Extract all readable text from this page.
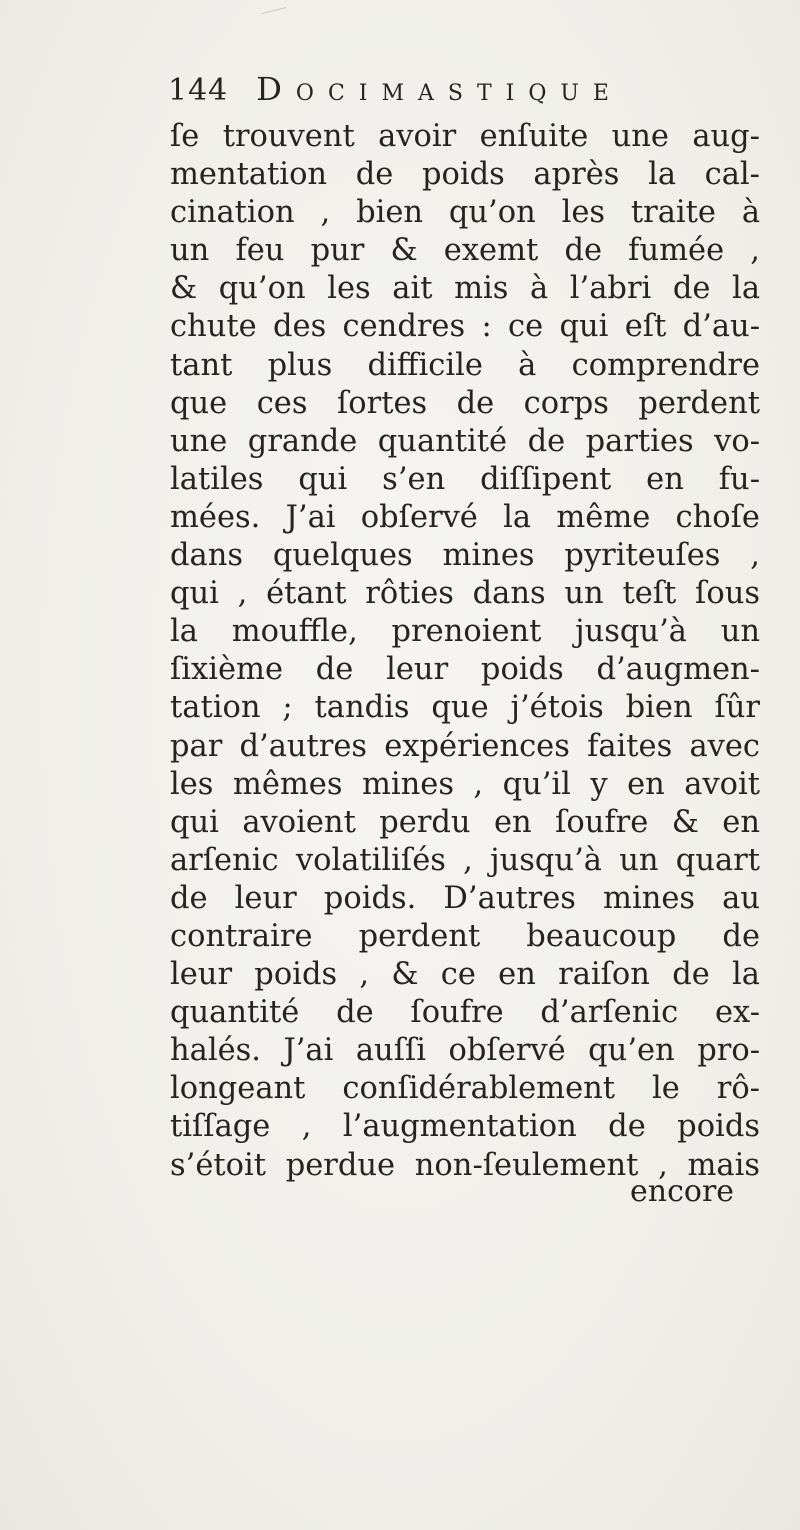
144 Docimastique
ſe trouvent avoir enſuite une aug-
mentation de poids après la cal-
cination , bien qu’on les traite à
un feu pur & exemt de fumée ,
& qu’on les ait mis à l’abri de la
chute des cendres : ce qui eſt d’au-
tant plus difficile à comprendre
que ces ſortes de corps perdent
une grande quantité de parties vo-
latiles qui s’en diſſipent en fu-
mées. J’ai obſervé la même choſe
dans quelques mines pyriteuſes ,
qui , étant rôties dans un teſt ſous
la mouffle, prenoient jusqu’à un
ſixième de leur poids d’augmen-
tation ; tandis que j’étois bien ſûr
par d’autres expériences faites avec
les mêmes mines , qu’il y en avoit
qui avoient perdu en ſoufre & en
arſenic volatiliſés , jusqu’à un quart
de leur poids. D’autres mines au
contraire perdent beaucoup de
leur poids , & ce en raiſon de la
quantité de ſoufre d’arſenic ex-
halés. J’ai auſſi obſervé qu’en pro-
longeant conſidérablement le rô-
tiſſage , l’augmentation de poids
s’étoit perdue non-ſeulement , mais
encore
